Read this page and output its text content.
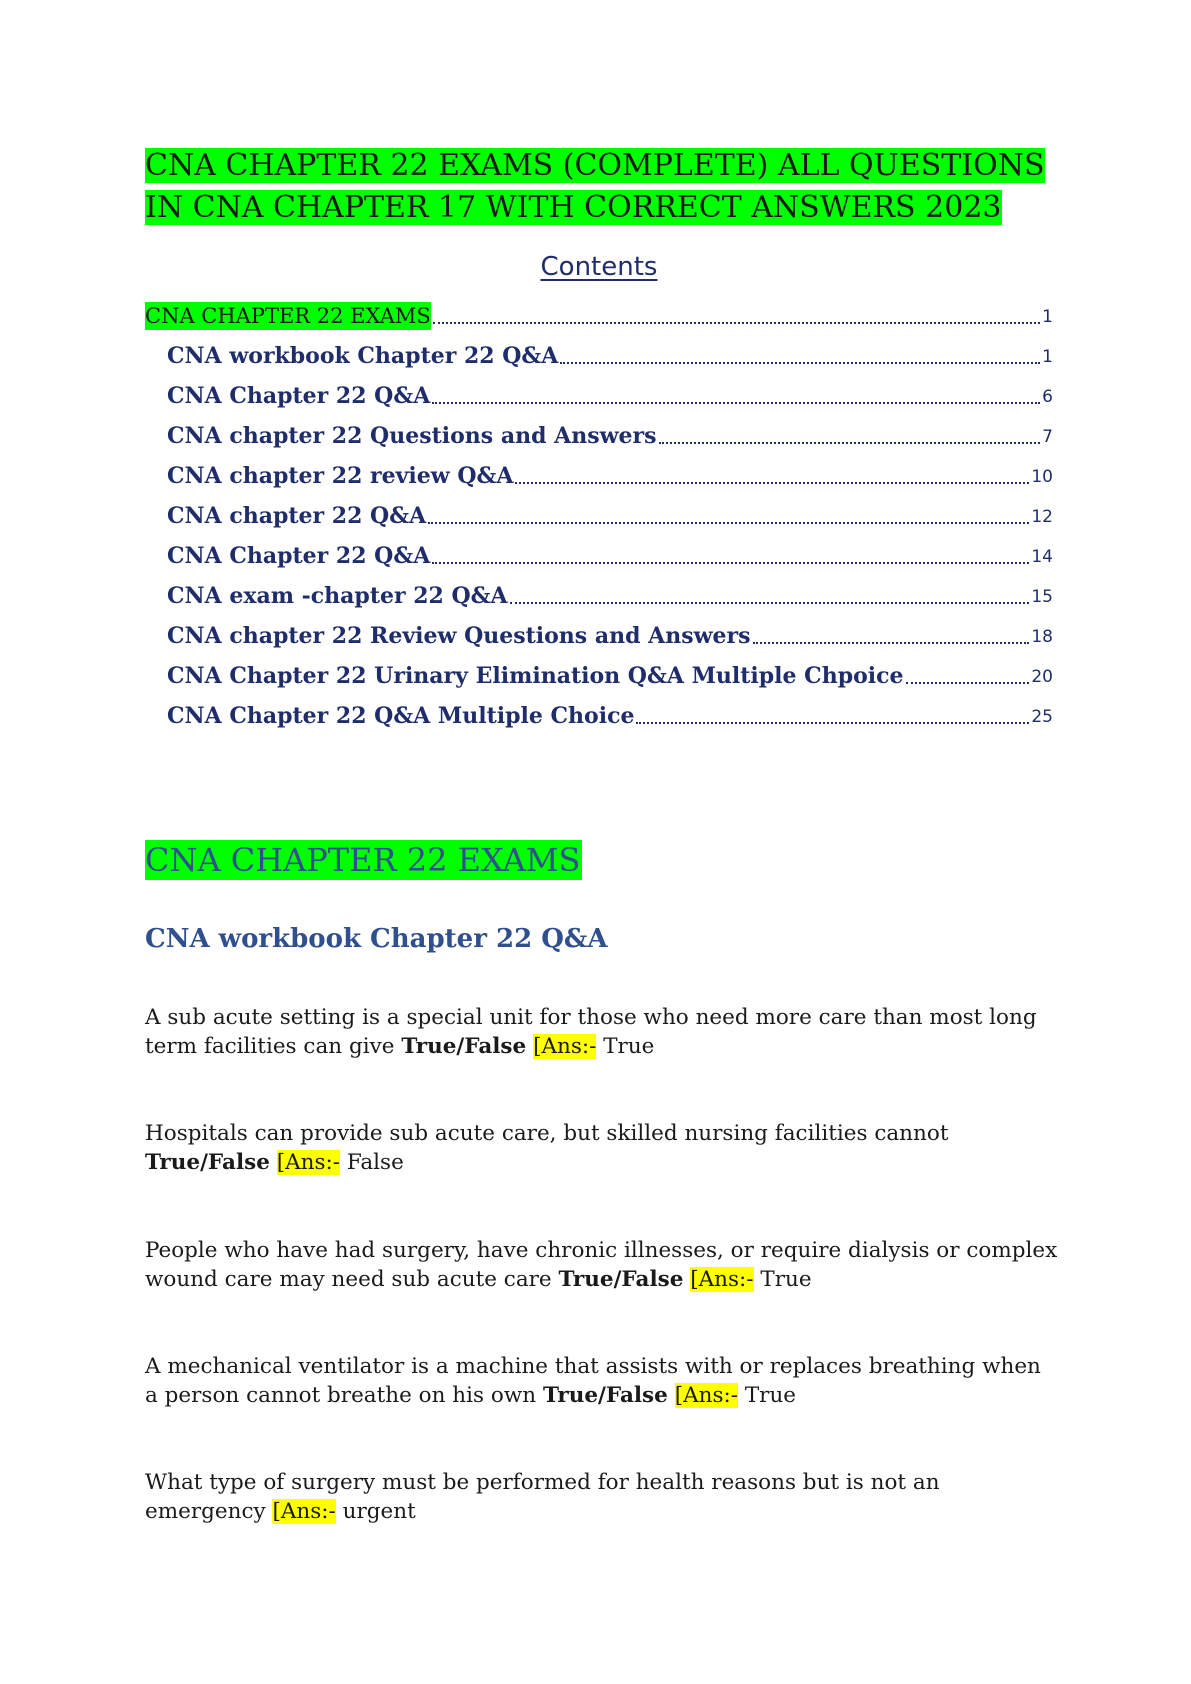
CNA CHAPTER 22 EXAMS (COMPLETE) ALL QUESTIONS
IN CNA CHAPTER 17 WITH CORRECT ANSWERS 2023
Contents
CNA CHAPTER 22 EXAMS	1
CNA workbook Chapter 22 Q&A	1
CNA Chapter 22 Q&A	6
CNA chapter 22 Questions and Answers	7
CNA chapter 22 review Q&A	10
CNA chapter 22 Q&A	12
CNA Chapter 22 Q&A	14
CNA exam -chapter 22 Q&A	15
CNA chapter 22 Review Questions and Answers	18
CNA Chapter 22 Urinary Elimination Q&A Multiple Chpoice	20
CNA Chapter 22 Q&A Multiple Choice	25
CNA CHAPTER 22 EXAMS
CNA workbook Chapter 22 Q&A

A sub acute setting is a special unit for those who need more care than most long term facilities can give True/False [Ans:- True

Hospitals can provide sub acute care, but skilled nursing facilities cannot
True/False [Ans:- False

People who have had surgery, have chronic illnesses, or require dialysis or complex wound care may need sub acute care True/False [Ans:- True

A mechanical ventilator is a machine that assists with or replaces breathing when a person cannot breathe on his own True/False [Ans:- True

What type of surgery must be performed for health reasons but is not an emergency [Ans:- urgent
